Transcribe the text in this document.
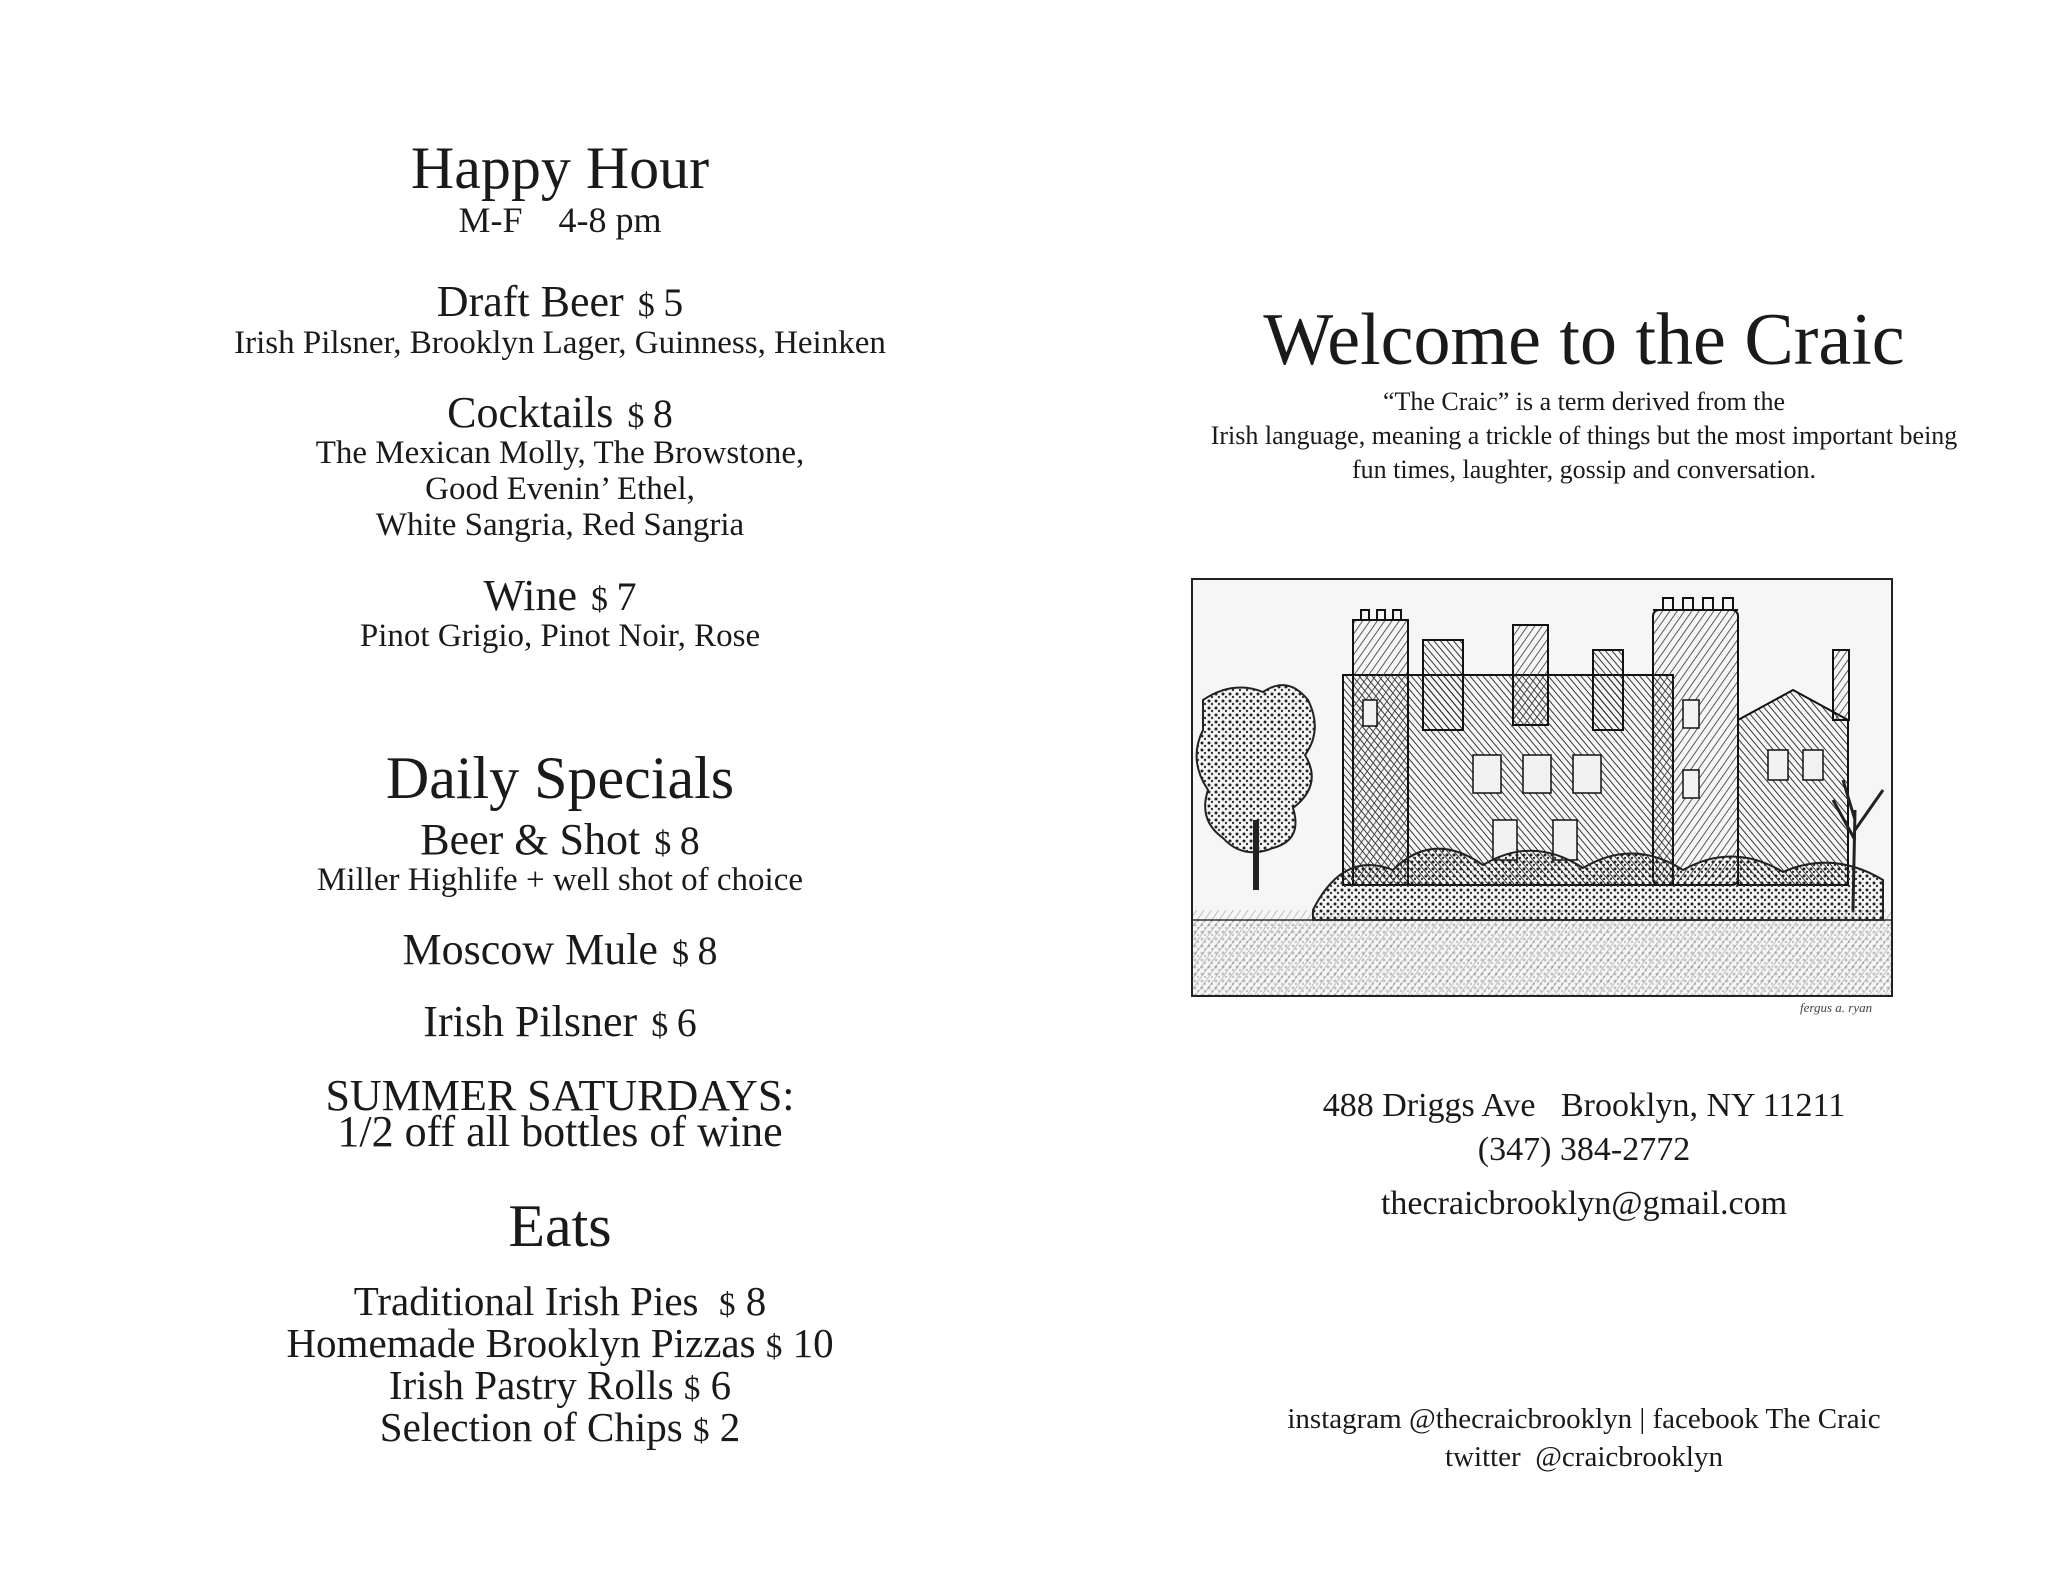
Happy Hour
M-F    4-8 pm
Draft Beer $ 5
Irish Pilsner, Brooklyn Lager, Guinness, Heinken
Cocktails $ 8
The Mexican Molly, The Browstone,
Good Evenin’ Ethel,
White Sangria, Red Sangria
Wine $ 7
Pinot Grigio, Pinot Noir, Rose
Daily Specials
Beer & Shot $ 8
Miller Highlife + well shot of choice
Moscow Mule $ 8
Irish Pilsner $ 6
SUMMER SATURDAYS:
1/2 off all bottles of wine
Eats
Traditional Irish Pies $ 8
Homemade Brooklyn Pizzas $ 10
Irish Pastry Rolls $ 6
Selection of Chips $ 2
Welcome to the Craic
“The Craic” is a term derived from the
Irish language, meaning a trickle of things but the most important being
fun times, laughter, gossip and conversation.
fergus a. ryan
488 Driggs Ave   Brooklyn, NY 11211
(347) 384-2772
thecraicbrooklyn@gmail.com
instagram @thecraicbrooklyn | facebook The Craic
twitter  @craicbrooklyn
